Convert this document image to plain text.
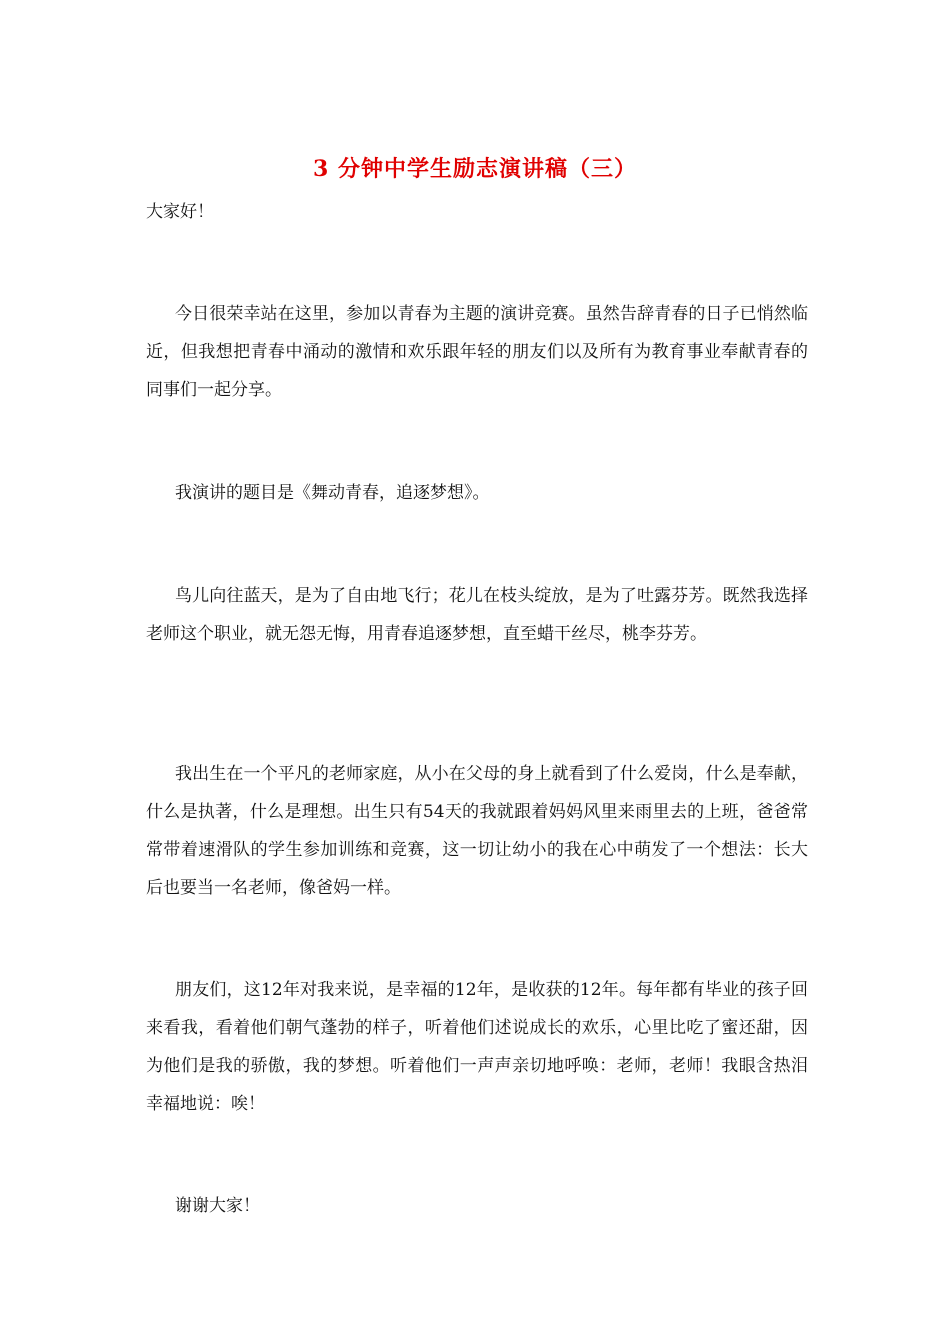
3 分钟中学生励志演讲稿（三）

大家好！

今日很荣幸站在这里，参加以青春为主题的演讲竞赛。虽然告辞青春的日子已悄然临近，但我想把青春中涌动的激情和欢乐跟年轻的朋友们以及所有为教育事业奉献青春的同事们一起分享。

我演讲的题目是《舞动青春，追逐梦想》。

鸟儿向往蓝天，是为了自由地飞行；花儿在枝头绽放，是为了吐露芬芳。既然我选择老师这个职业，就无怨无悔，用青春追逐梦想，直至蜡干丝尽，桃李芬芳。

我出生在一个平凡的老师家庭，从小在父母的身上就看到了什么爱岗，什么是奉献，什么是执著，什么是理想。出生只有54天的我就跟着妈妈风里来雨里去的上班，爸爸常常带着速滑队的学生参加训练和竞赛，这一切让幼小的我在心中萌发了一个想法：长大后也要当一名老师，像爸妈一样。

朋友们，这12年对我来说，是幸福的12年，是收获的12年。每年都有毕业的孩子回来看我，看着他们朝气蓬勃的样子，听着他们述说成长的欢乐，心里比吃了蜜还甜，因为他们是我的骄傲，我的梦想。听着他们一声声亲切地呼唤：老师，老师！我眼含热泪幸福地说：唉！

谢谢大家！
